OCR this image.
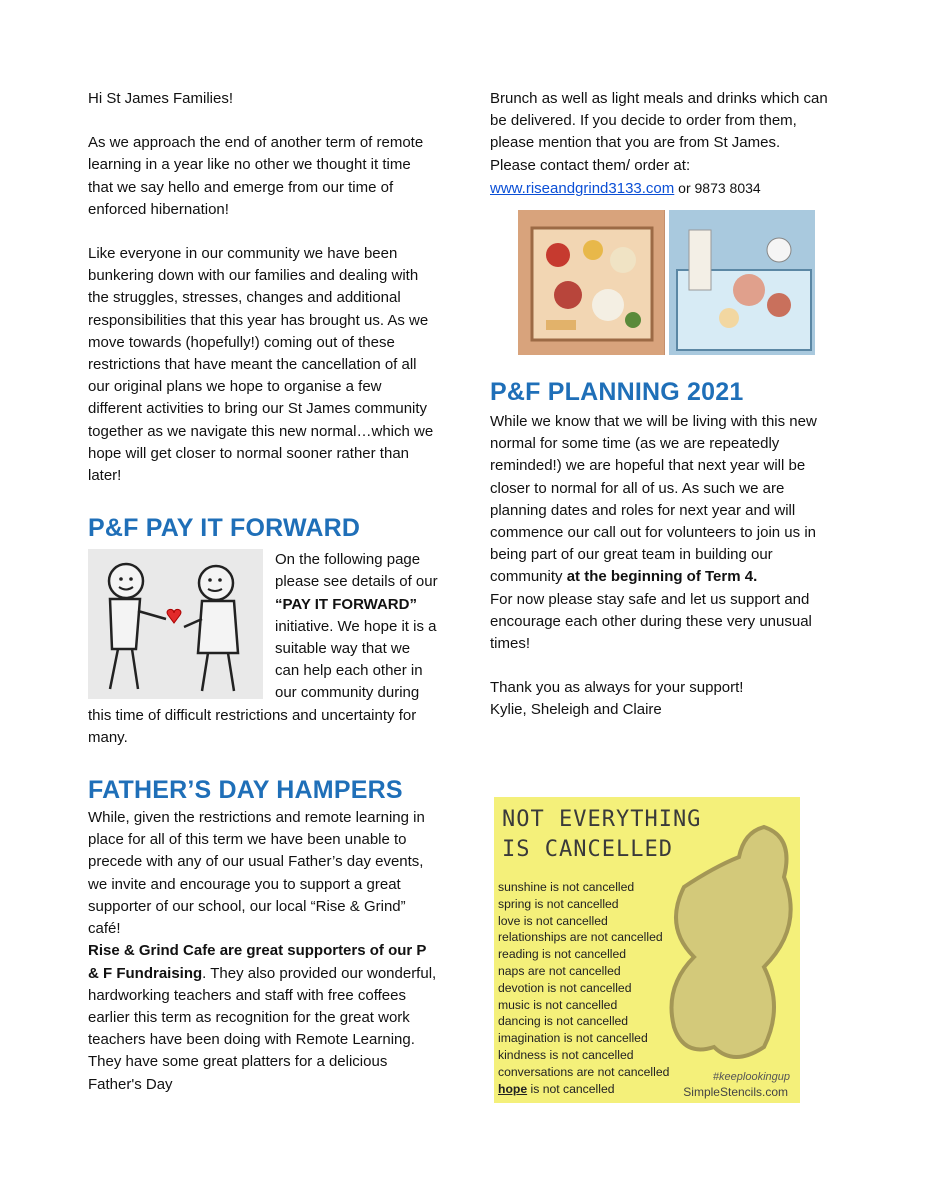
Hi St James Families!

As we approach the end of another term of remote learning in a year like no other we thought it time that we say hello and emerge from our time of enforced hibernation!

Like everyone in our community we have been bunkering down with our families and dealing with the struggles, stresses, changes and additional responsibilities that this year has brought us. As we move towards (hopefully!) coming out of these restrictions that have meant the cancellation of all our original plans we hope to organise a few different activities to bring our St James community together as we navigate this new normal…which we hope will get closer to normal sooner rather than later!

P&F PAY IT FORWARD

On the following page please see details of our “PAY IT FORWARD” initiative. We hope it is a suitable way that we can help each other in our community during this time of difficult restrictions and uncertainty for many.

FATHER’S DAY HAMPERS

While, given the restrictions and remote learning in place for all of this term we have been unable to precede with any of our usual Father’s day events, we invite and encourage you to support a great supporter of our school, our local “Rise & Grind” café!

Rise & Grind Cafe are great supporters of our P & F Fundraising. They also provided our wonderful, hardworking teachers and staff with free coffees earlier this term as recognition for the great work teachers have been doing with Remote Learning. They have some great platters for a delicious Father's Day

Brunch as well as light meals and drinks which can be delivered. If you decide to order from them, please mention that you are from St James.

Please contact them/ order at:

www.riseandgrind3133.com or 9873 8034

P&F PLANNING 2021

While we know that we will be living with this new normal for some time (as we are repeatedly reminded!) we are hopeful that next year will be closer to normal for all of us. As such we are planning dates and roles for next year and will commence our call out for volunteers to join us in being part of our great team in building our community at the beginning of Term 4.

For now please stay safe and let us support and encourage each other during these very unusual times!

Thank you as always for your support!

Kylie, Sheleigh and Claire

NOT EVERYTHING
IS CANCELLED
sunshine is not cancelled
spring is not cancelled
love is not cancelled
relationships are not cancelled
reading is not cancelled
naps are not cancelled
devotion is not cancelled
music is not cancelled
dancing is not cancelled
imagination is not cancelled
kindness is not cancelled
conversations are not cancelled
hope is not cancelled
#keeplookingup
SimpleStencils.com
